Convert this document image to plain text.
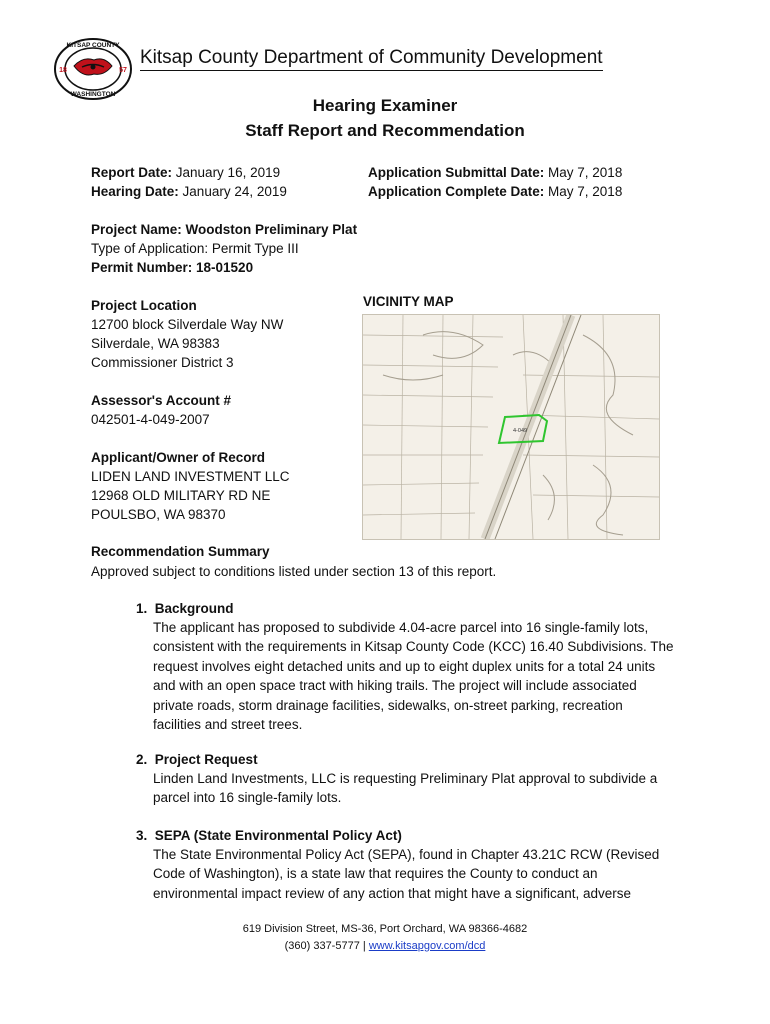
KITSAP COUNTY
WASHINGTON
18	57
Kitsap County Department of Community Development
Hearing Examiner
Staff Report and Recommendation
Report Date: January 16, 2019
Hearing Date: January 24, 2019
Application Submittal Date: May 7, 2018
Application Complete Date: May 7, 2018
Project Name: Woodston Preliminary Plat
Type of Application: Permit Type III
Permit Number: 18-01520
Project Location
12700 block Silverdale Way NW
Silverdale, WA 98383
Commissioner District 3
Assessor's Account #
042501-4-049-2007
Applicant/Owner of Record
LIDEN LAND INVESTMENT LLC
12968 OLD MILITARY RD NE
POULSBO, WA 98370
VICINITY MAP
4-049
Recommendation Summary
Approved subject to conditions listed under section 13 of this report.
1. Background
The applicant has proposed to subdivide 4.04-acre parcel into 16 single-family lots,
consistent with the requirements in Kitsap County Code (KCC) 16.40 Subdivisions. The
request involves eight detached units and up to eight duplex units for a total 24 units
and with an open space tract with hiking trails. The project will include associated
private roads, storm drainage facilities, sidewalks, on-street parking, recreation
facilities and street trees.
2. Project Request
Linden Land Investments, LLC is requesting Preliminary Plat approval to subdivide a
parcel into 16 single-family lots.
3. SEPA (State Environmental Policy Act)
The State Environmental Policy Act (SEPA), found in Chapter 43.21C RCW (Revised
Code of Washington), is a state law that requires the County to conduct an
environmental impact review of any action that might have a significant, adverse
619 Division Street, MS-36, Port Orchard, WA 98366-4682
(360) 337-5777 | www.kitsapgov.com/dcd
